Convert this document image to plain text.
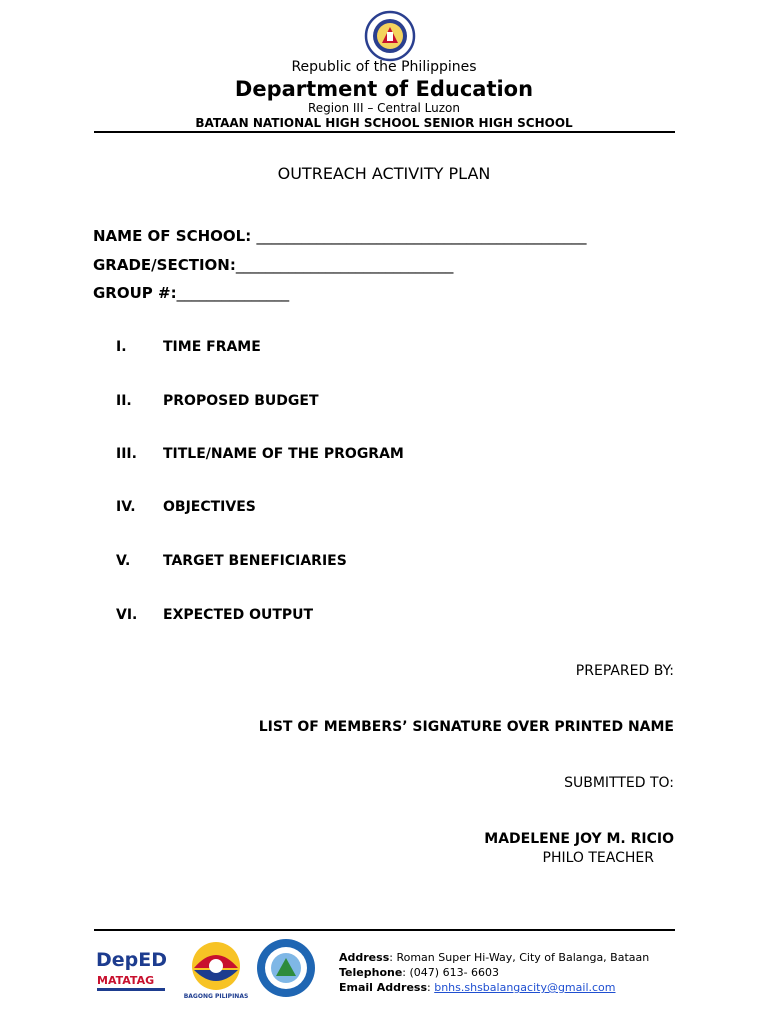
Republic of the Philippines
Department of Education
Region III – Central Luzon
BATAAN NATIONAL HIGH SCHOOL SENIOR HIGH SCHOOL
OUTREACH ACTIVITY PLAN
NAME OF SCHOOL: ____________________________________________
GRADE/SECTION:_____________________________
GROUP #:_______________
I.	TIME FRAME
II. PROPOSED BUDGET
III. TITLE/NAME OF THE PROGRAM
IV. OBJECTIVES
V. TARGET BENEFICIARIES
VI. EXPECTED OUTPUT
PREPARED BY:
LIST OF MEMBERS’ SIGNATURE OVER PRINTED NAME
SUBMITTED TO:
MADELENE JOY M. RICIO
PHILO TEACHER
DepED
MATATAG
BAGONG PILIPINAS
Address: Roman Super Hi-Way, City of Balanga, Bataan
Telephone: (047) 613- 6603
Email Address: bnhs.shsbalangacity@gmail.com
